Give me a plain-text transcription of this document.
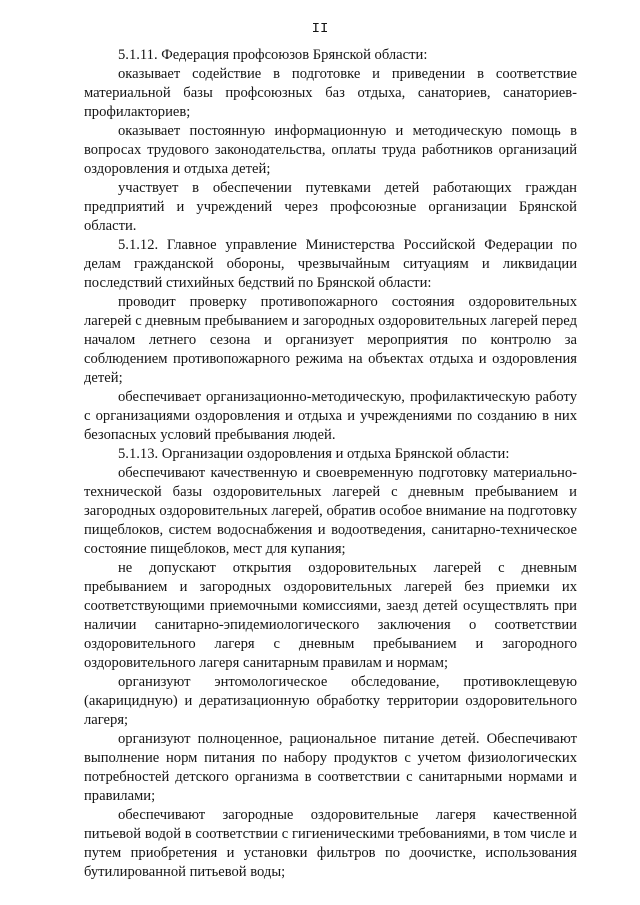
II

5.1.11. Федерация профсоюзов Брянской области:

оказывает содействие в подготовке и приведении в соответствие материальной базы профсоюзных баз отдыха, санаториев, санаториев-профилакториев;

оказывает постоянную информационную и методическую помощь в вопросах трудового законодательства, оплаты труда работников организаций оздоровления и отдыха детей;

участвует в обеспечении путевками детей работающих граждан предприятий и учреждений через профсоюзные организации Брянской области.

5.1.12. Главное управление Министерства Российской Федерации по делам гражданской обороны, чрезвычайным ситуациям и ликвидации последствий стихийных бедствий по Брянской области:

проводит проверку противопожарного состояния оздоровительных лагерей с дневным пребыванием и загородных оздоровительных лагерей перед началом летнего сезона и организует мероприятия по контролю за соблюдением противопожарного режима на объектах отдыха и оздоровления детей;

обеспечивает организационно-методическую, профилактическую работу с организациями оздоровления и отдыха и учреждениями по созданию в них безопасных условий пребывания людей.

5.1.13. Организации оздоровления и отдыха Брянской области:

обеспечивают качественную и своевременную подготовку материально-технической базы оздоровительных лагерей с дневным пребыванием и загородных оздоровительных лагерей, обратив особое внимание на подготовку пищеблоков, систем водоснабжения и водоотведения, санитарно-техническое состояние пищеблоков, мест для купания;

не допускают открытия оздоровительных лагерей с дневным пребыванием и загородных оздоровительных лагерей без приемки их соответствующими приемочными комиссиями, заезд детей осуществлять при наличии санитарно-эпидемиологического заключения о соответствии оздоровительного лагеря с дневным пребыванием и загородного оздоровительного лагеря санитарным правилам и нормам;

организуют энтомологическое обследование, противоклещевую (акарицидную) и дератизационную обработку территории оздоровительного лагеря;

организуют полноценное, рациональное питание детей. Обеспечивают выполнение норм питания по набору продуктов с учетом физиологических потребностей детского организма в соответствии с санитарными нормами и правилами;

обеспечивают загородные оздоровительные лагеря качественной питьевой водой в соответствии с гигиеническими требованиями, в том числе и путем приобретения и установки фильтров по доочистке, использования бутилированной питьевой воды;
